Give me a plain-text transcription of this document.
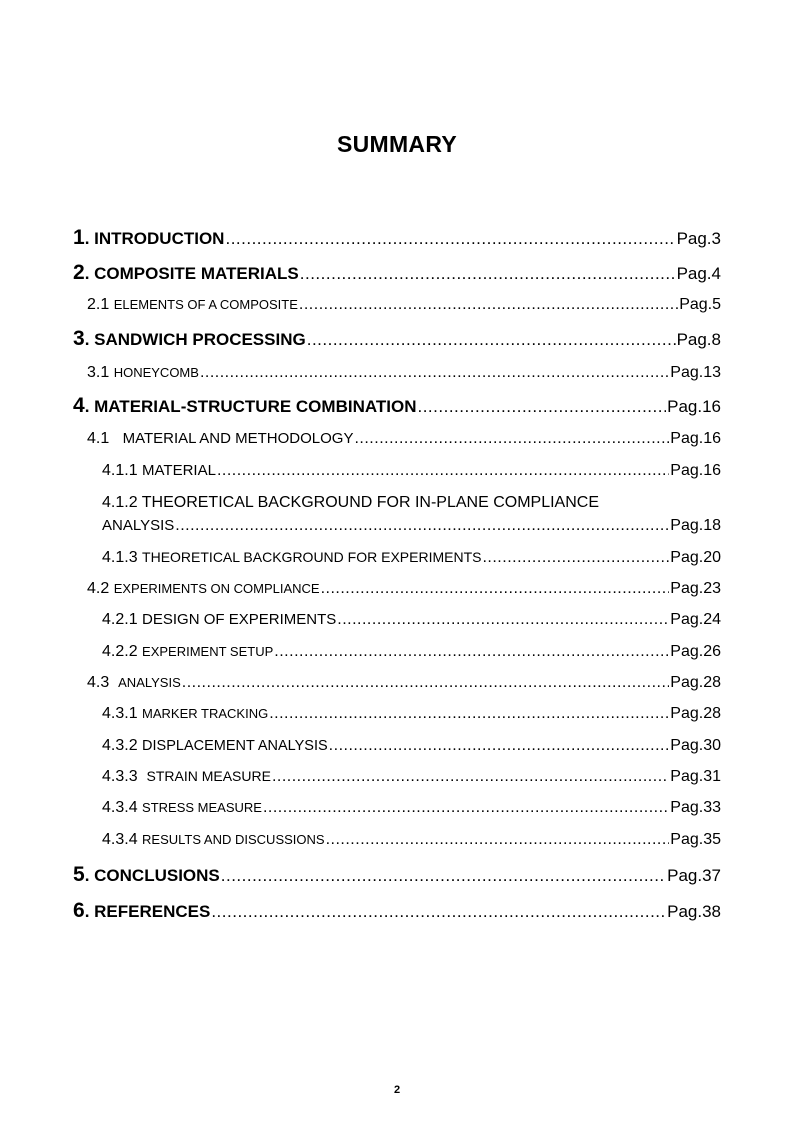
SUMMARY
1. INTRODUCTION .....	Pag.3
2. COMPOSITE MATERIALS .....	Pag.4
2.1 ELEMENTS OF A COMPOSITE .....	Pag.5
3. SANDWICH PROCESSING .....	Pag.8
3.1 HONEYCOMB .....	Pag.13
4. MATERIAL-STRUCTURE COMBINATION .....	Pag.16
4.1 MATERIAL AND METHODOLOGY .....	Pag.16
4.1.1 MATERIAL .....	Pag.16
4.1.2 THEORETICAL BACKGROUND FOR IN-PLANE COMPLIANCE
ANALYSIS .....	Pag.18
4.1.3 THEORETICAL BACKGROUND FOR EXPERIMENTS .....	Pag.20
4.2 EXPERIMENTS ON COMPLIANCE .....	Pag.23
4.2.1 DESIGN OF EXPERIMENTS .....	Pag.24
4.2.2 EXPERIMENT SETUP .....	Pag.26
4.3 ANALYSIS .....	Pag.28
4.3.1 MARKER TRACKING .....	Pag.28
4.3.2 DISPLACEMENT ANALYSIS .....	Pag.30
4.3.3 STRAIN MEASURE .....	Pag.31
4.3.4 STRESS MEASURE .....	Pag.33
4.3.4 RESULTS AND DISCUSSIONS .....	Pag.35
5. CONCLUSIONS .....	Pag.37
6. REFERENCES .....	Pag.38
2
